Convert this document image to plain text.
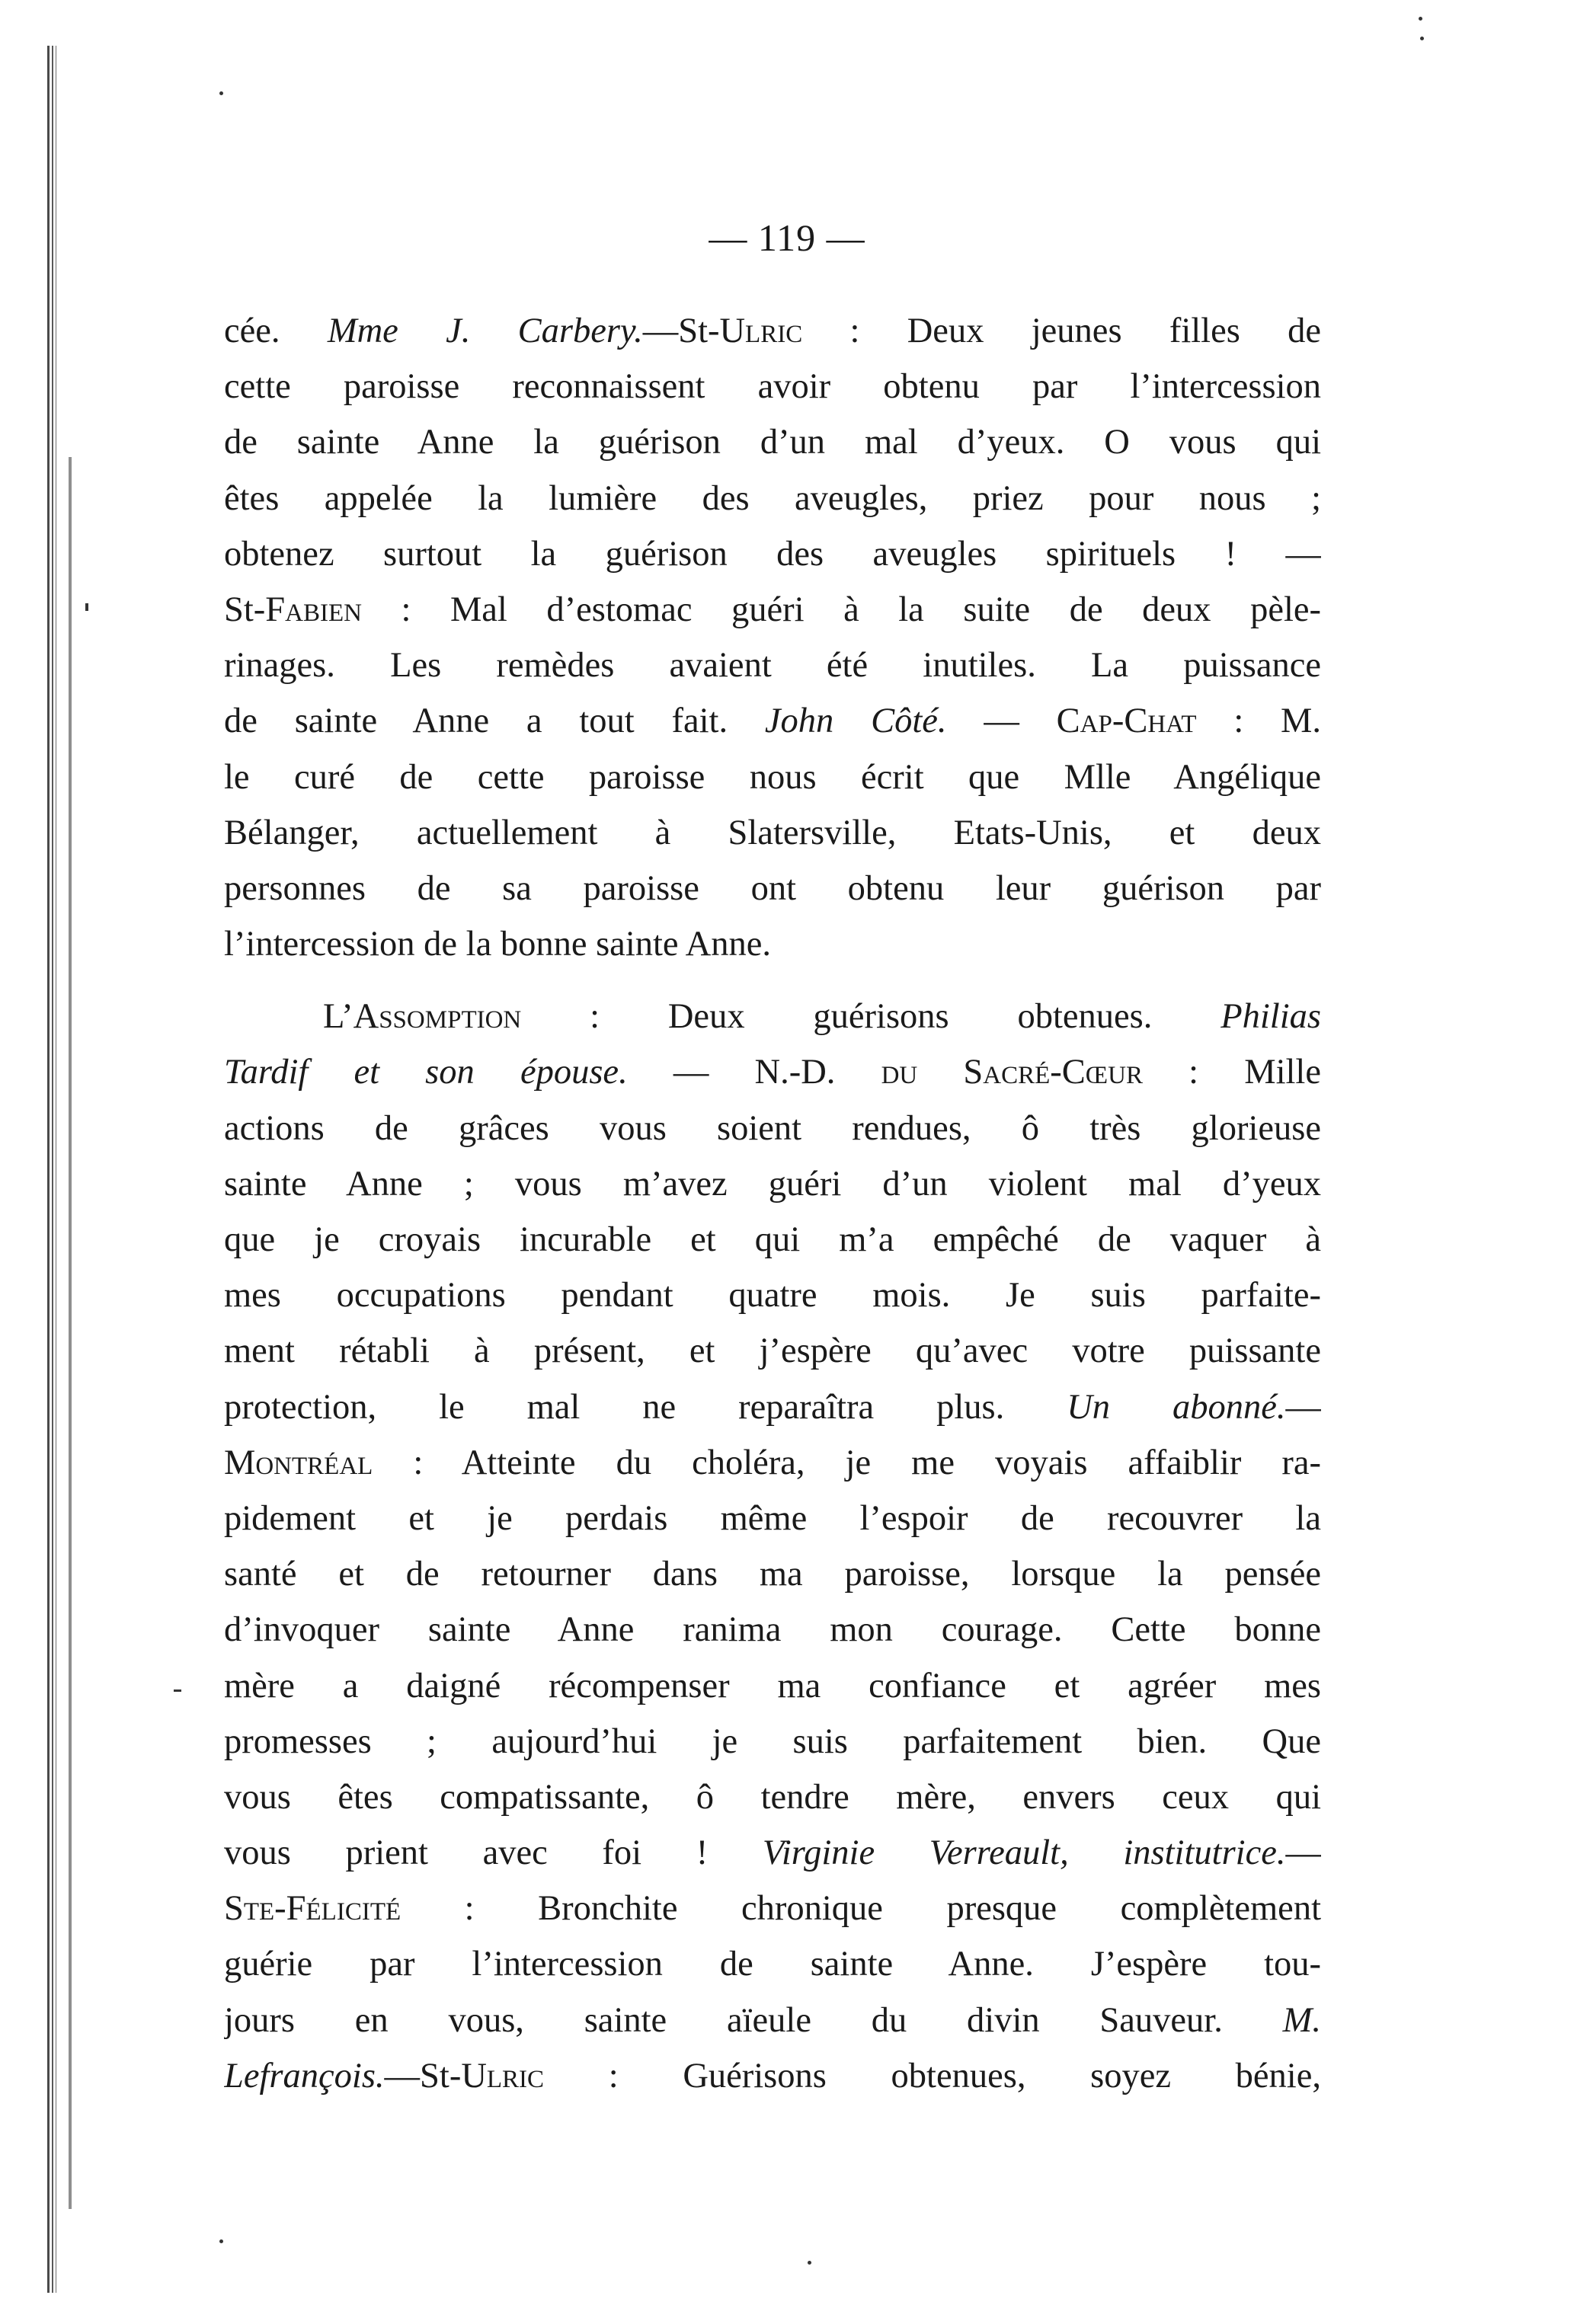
— 119 —
cée. Mme J. Carbery.—St-Ulric : Deux jeunes filles de
cette paroisse reconnaissent avoir obtenu par l’intercession
de sainte Anne la guérison d’un mal d’yeux. O vous qui
êtes appelée la lumière des aveugles, priez pour nous ;
obtenez surtout la guérison des aveugles spirituels ! —
St-Fabien : Mal d’estomac guéri à la suite de deux pèle-
rinages. Les remèdes avaient été inutiles. La puissance
de sainte Anne a tout fait. John Côté. — Cap-Chat : M.
le curé de cette paroisse nous écrit que Mlle Angélique
Bélanger, actuellement à Slatersville, Etats-Unis, et deux
personnes de sa paroisse ont obtenu leur guérison par
l’intercession de la bonne sainte Anne.
L’Assomption : Deux guérisons obtenues. Philias
Tardif et son épouse. — N.-D. du Sacré-Cœur : Mille
actions de grâces vous soient rendues, ô très glorieuse
sainte Anne ; vous m’avez guéri d’un violent mal d’yeux
que je croyais incurable et qui m’a empêché de vaquer à
mes occupations pendant quatre mois. Je suis parfaite-
ment rétabli à présent, et j’espère qu’avec votre puissante
protection, le mal ne reparaîtra plus. Un abonné.—
Montréal : Atteinte du choléra, je me voyais affaiblir ra-
pidement et je perdais même l’espoir de recouvrer la
santé et de retourner dans ma paroisse, lorsque la pensée
d’invoquer sainte Anne ranima mon courage. Cette bonne
mère a daigné récompenser ma confiance et agréer mes
promesses ; aujourd’hui je suis parfaitement bien. Que
vous êtes compatissante, ô tendre mère, envers ceux qui
vous prient avec foi ! Virginie Verreault, institutrice.—
Ste-Félicité : Bronchite chronique presque complètement
guérie par l’intercession de sainte Anne. J’espère tou-
jours en vous, sainte aïeule du divin Sauveur. M.
Lefrançois.—St-Ulric : Guérisons obtenues, soyez bénie,
